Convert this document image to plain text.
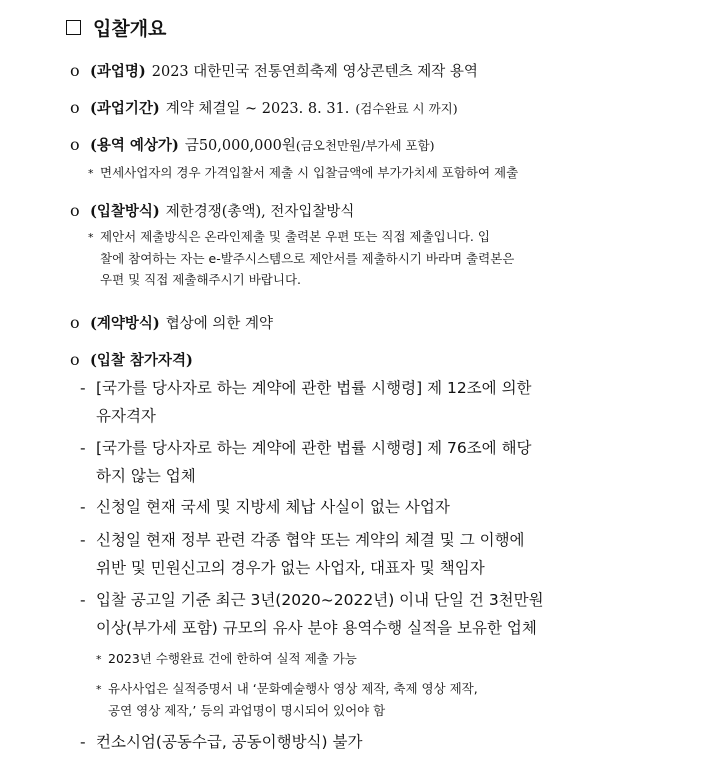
입찰개요
o (과업명) 2023 대한민국 전통연희축제 영상콘텐츠 제작 용역
o (과업기간) 계약 체결일 ~ 2023. 8. 31. (검수완료 시 까지)
o (용역 예상가) 금50,000,000원 (금오천만원/부가세 포함)
* 면세사업자의 경우 가격입찰서 제출 시 입찰금액에 부가가치세 포함하여 제출
o (입찰방식) 제한경쟁(총액), 전자입찰방식
* 제안서 제출방식은 온라인제출 및 출력본 우편 또는 직접 제출입니다. 입
찰에 참여하는 자는 e-발주시스템으로 제안서를 제출하시기 바라며 출력본은
우편 및 직접 제출해주시기 바랍니다.
o (계약방식) 협상에 의한 계약
o (입찰 참가자격)
- [국가를 당사자로 하는 계약에 관한 법률 시행령] 제 12조에 의한
유자격자
- [국가를 당사자로 하는 계약에 관한 법률 시행령] 제 76조에 해당
하지 않는 업체
- 신청일 현재 국세 및 지방세 체납 사실이 없는 사업자
- 신청일 현재 정부 관련 각종 협약 또는 계약의 체결 및 그 이행에
위반 및 민원신고의 경우가 없는 사업자, 대표자 및 책임자
- 입찰 공고일 기준 최근 3년(2020~2022년) 이내 단일 건 3천만원
이상(부가세 포함) 규모의 유사 분야 용역수행 실적을 보유한 업체
* 2023년 수행완료 건에 한하여 실적 제출 가능
* 유사사업은 실적증명서 내 ‘문화예술행사 영상 제작, 축제 영상 제작,
공연 영상 제작,’ 등의 과업명이 명시되어 있어야 함
- 컨소시엄(공동수급, 공동이행방식) 불가
